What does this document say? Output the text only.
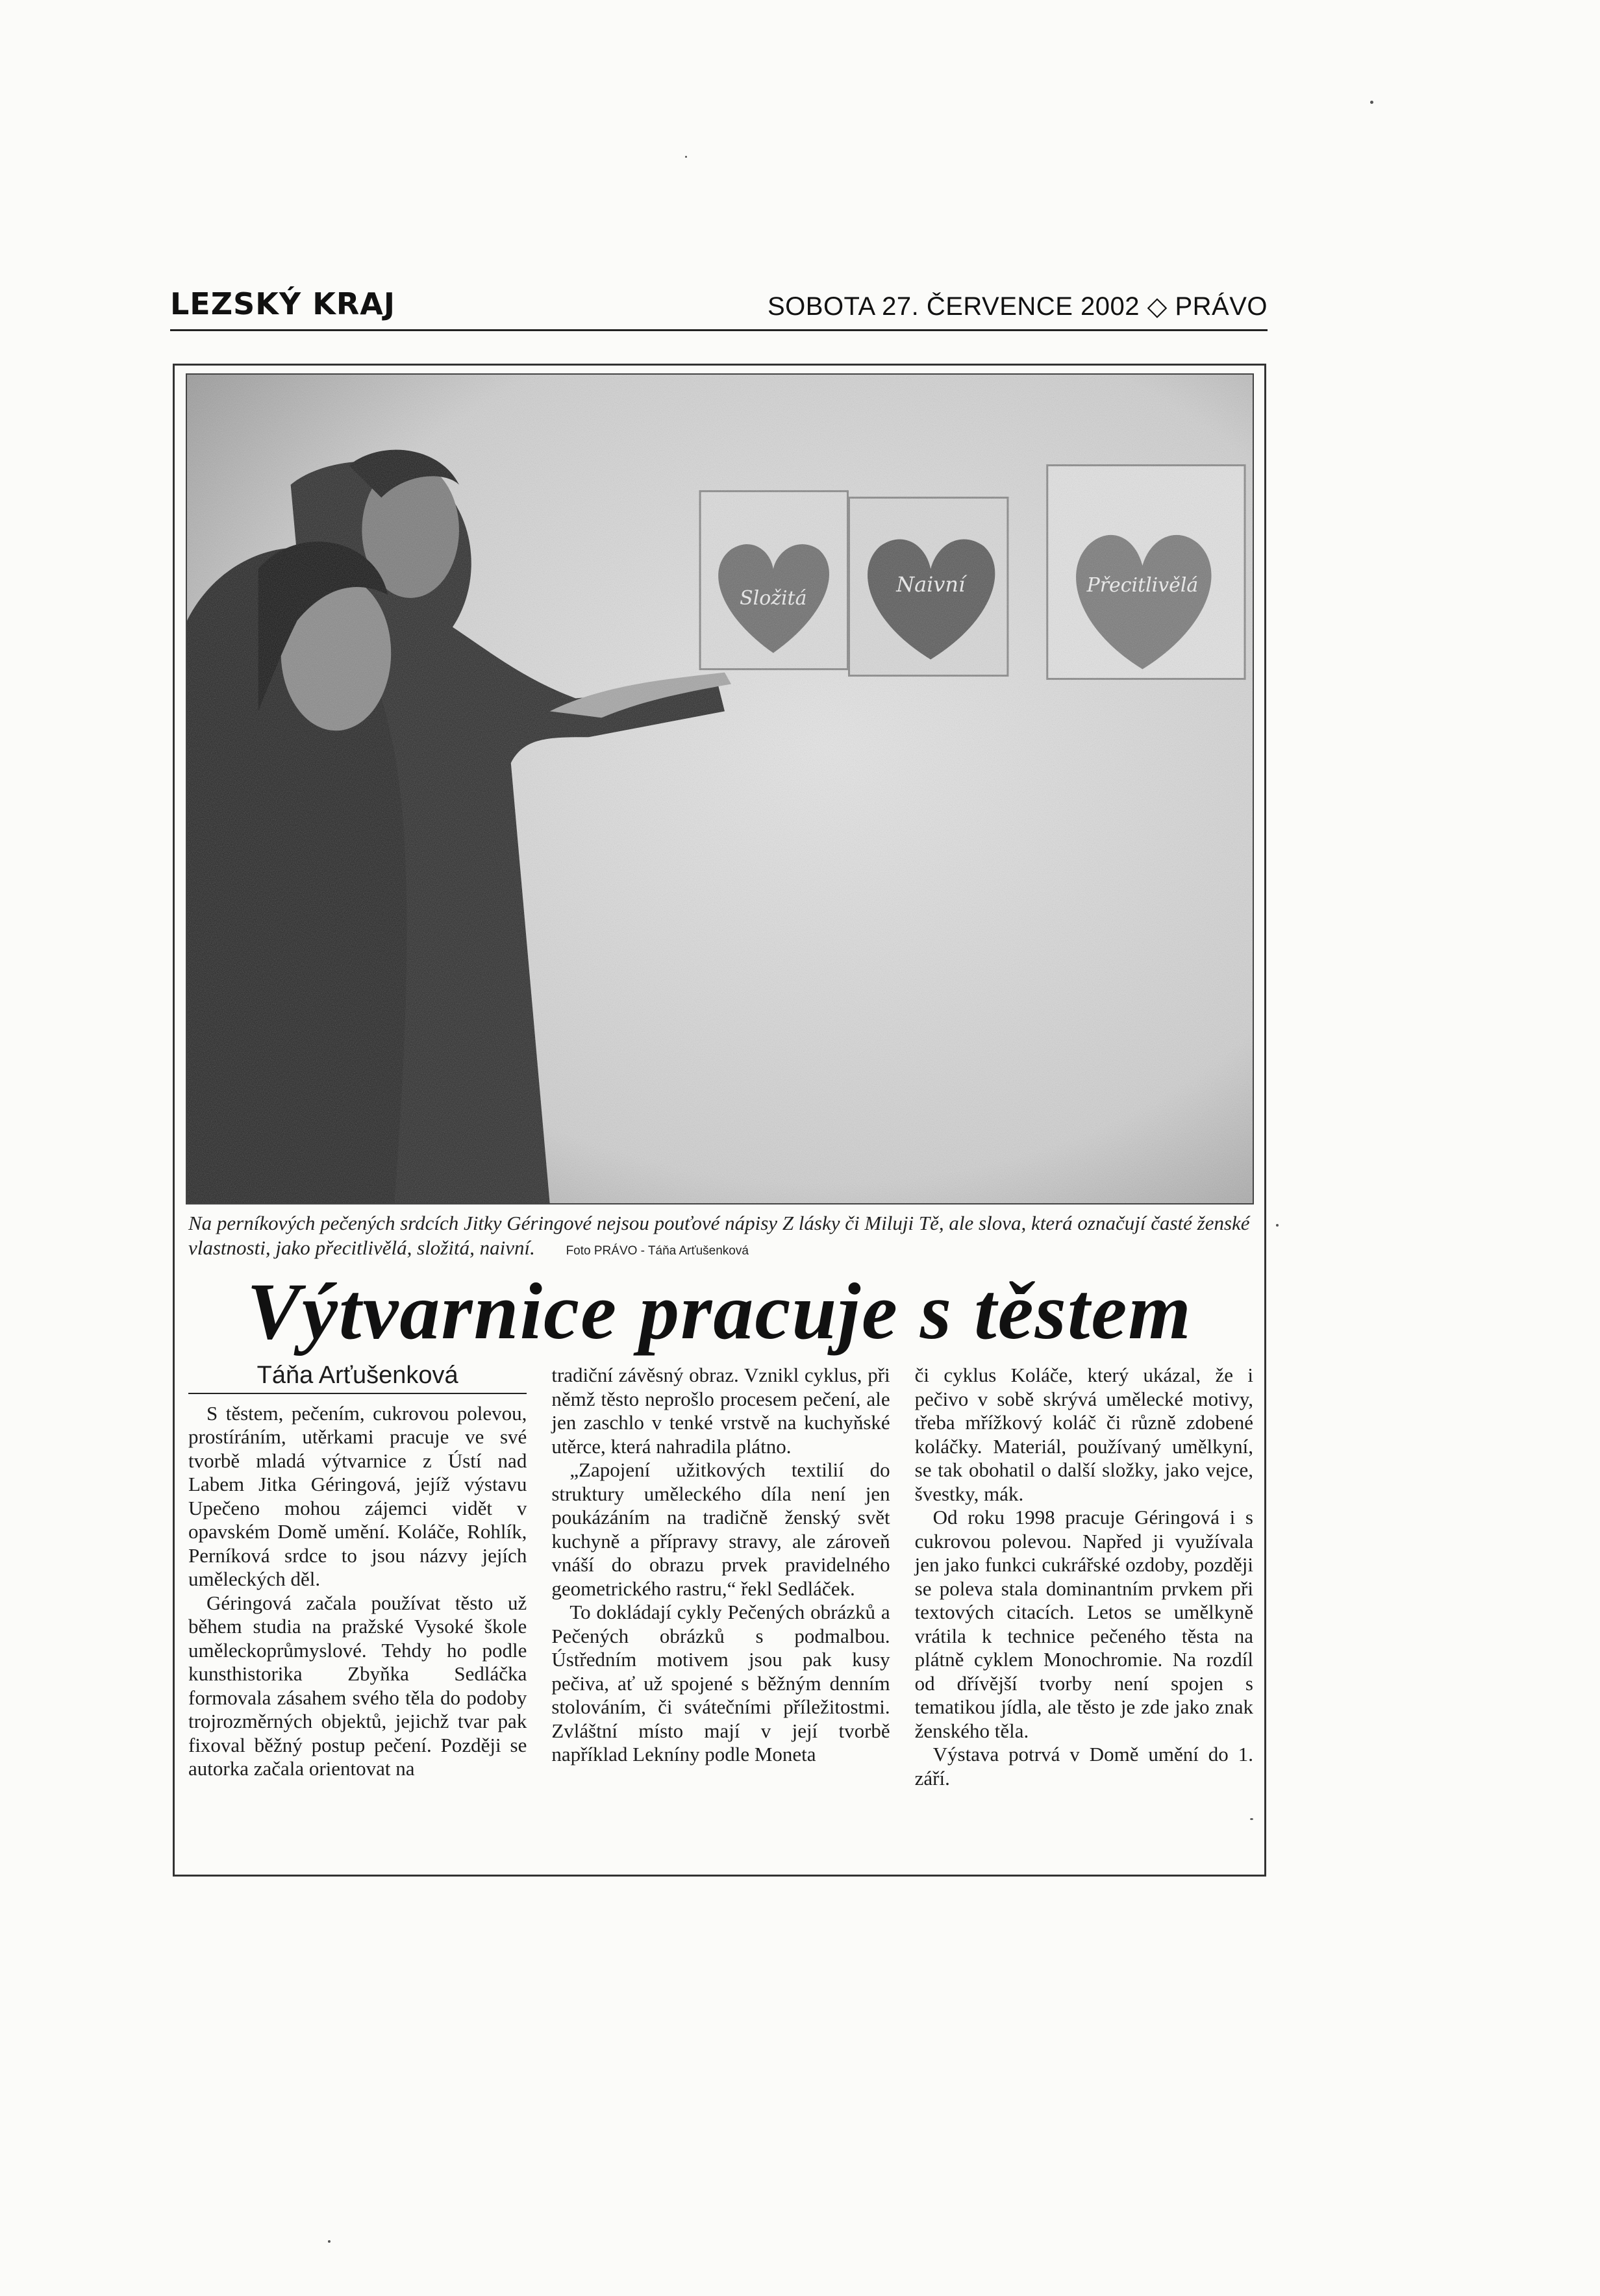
LEZSKÝ KRAJ	SOBOTA 27. ČERVENCE 2002 ◇ PRÁVO
Na perníkových pečených srdcích Jitky Géringové nejsou pouťové nápisy Z lásky či Miluji Tě, ale slova, která označují časté ženské vlastnosti, jako přecitlivělá, složitá, naivní.	Foto PRÁVO - Táňa Arťušenková
Výtvarnice pracuje s těstem
Táňa Arťušenková

S těstem, pečením, cukrovou polevou, prostíráním, utěrkami pracuje ve své tvorbě mladá výtvarnice z Ústí nad Labem Jitka Géringová, jejíž výstavu Upečeno mohou zájemci vidět v opavském Domě umění. Koláče, Rohlík, Perníková srdce to jsou názvy jejích uměleckých děl.

Géringová začala používat těsto už během studia na pražské Vysoké škole uměleckoprůmyslové. Tehdy ho podle kunsthistorika Zbyňka Sedláčka formovala zásahem svého těla do podoby trojrozměrných objektů, jejichž tvar pak fixoval běžný postup pečení. Později se autorka začala orientovat na

tradiční závěsný obraz. Vznikl cyklus, při němž těsto neprošlo procesem pečení, ale jen zaschlo v tenké vrstvě na kuchyňské utěrce, která nahradila plátno.

„Zapojení užitkových textilií do struktury uměleckého díla není jen poukázáním na tradičně ženský svět kuchyně a přípravy stravy, ale zároveň vnáší do obrazu prvek pravidelného geometrického rastru,“ řekl Sedláček.

To dokládají cykly Pečených obrázků a Pečených obrázků s podmalbou. Ústředním motivem jsou pak kusy pečiva, ať už spojené s běžným denním stolováním, či svátečními příležitostmi. Zvláštní místo mají v její tvorbě například Lekníny podle Moneta

či cyklus Koláče, který ukázal, že i pečivo v sobě skrývá umělecké motivy, třeba mřížkový koláč či různě zdobené koláčky. Materiál, používaný umělkyní, se tak obohatil o další složky, jako vejce, švestky, mák.

Od roku 1998 pracuje Géringová i s cukrovou polevou. Napřed ji využívala jen jako funkci cukrářské ozdoby, později se poleva stala dominantním prvkem při textových citacích. Letos se umělkyně vrátila k technice pečeného těsta na plátně cyklem Monochromie. Na rozdíl od dřívější tvorby není spojen s tematikou jídla, ale těsto je zde jako znak ženského těla.

Výstava potrvá v Domě umění do 1. září.
